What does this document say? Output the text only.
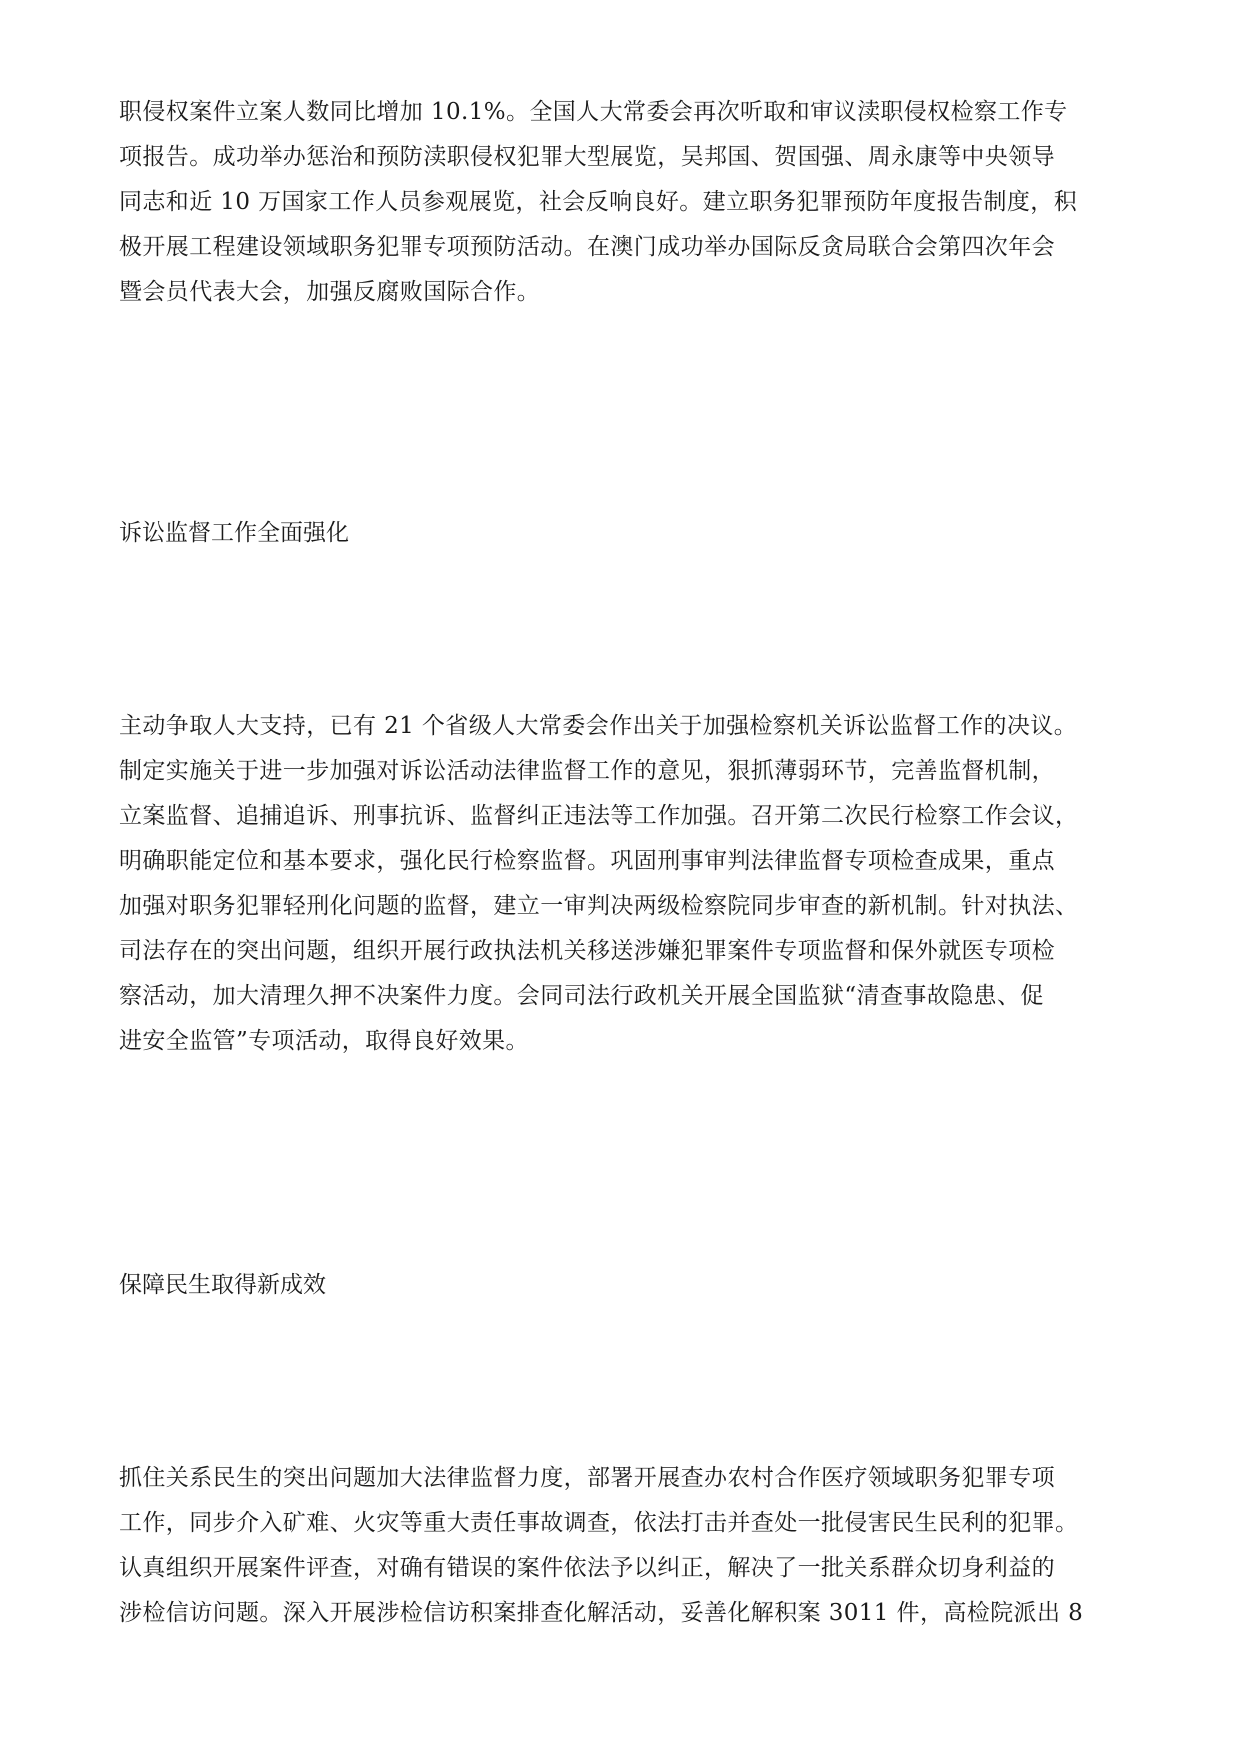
职侵权案件立案人数同比增加 10.1%。全国人大常委会再次听取和审议渎职侵权检察工作专
项报告。成功举办惩治和预防渎职侵权犯罪大型展览，吴邦国、贺国强、周永康等中央领导
同志和近 10 万国家工作人员参观展览，社会反响良好。建立职务犯罪预防年度报告制度，积
极开展工程建设领域职务犯罪专项预防活动。在澳门成功举办国际反贪局联合会第四次年会
暨会员代表大会，加强反腐败国际合作。
诉讼监督工作全面强化
主动争取人大支持，已有 21 个省级人大常委会作出关于加强检察机关诉讼监督工作的决议。
制定实施关于进一步加强对诉讼活动法律监督工作的意见，狠抓薄弱环节，完善监督机制，
立案监督、追捕追诉、刑事抗诉、监督纠正违法等工作加强。召开第二次民行检察工作会议，
明确职能定位和基本要求，强化民行检察监督。巩固刑事审判法律监督专项检查成果，重点
加强对职务犯罪轻刑化问题的监督，建立一审判决两级检察院同步审查的新机制。针对执法、
司法存在的突出问题，组织开展行政执法机关移送涉嫌犯罪案件专项监督和保外就医专项检
察活动，加大清理久押不决案件力度。会同司法行政机关开展全国监狱“清查事故隐患、促
进安全监管”专项活动，取得良好效果。
保障民生取得新成效
抓住关系民生的突出问题加大法律监督力度，部署开展查办农村合作医疗领域职务犯罪专项
工作，同步介入矿难、火灾等重大责任事故调查，依法打击并查处一批侵害民生民利的犯罪。
认真组织开展案件评查，对确有错误的案件依法予以纠正，解决了一批关系群众切身利益的
涉检信访问题。深入开展涉检信访积案排查化解活动，妥善化解积案 3011 件，高检院派出 8
